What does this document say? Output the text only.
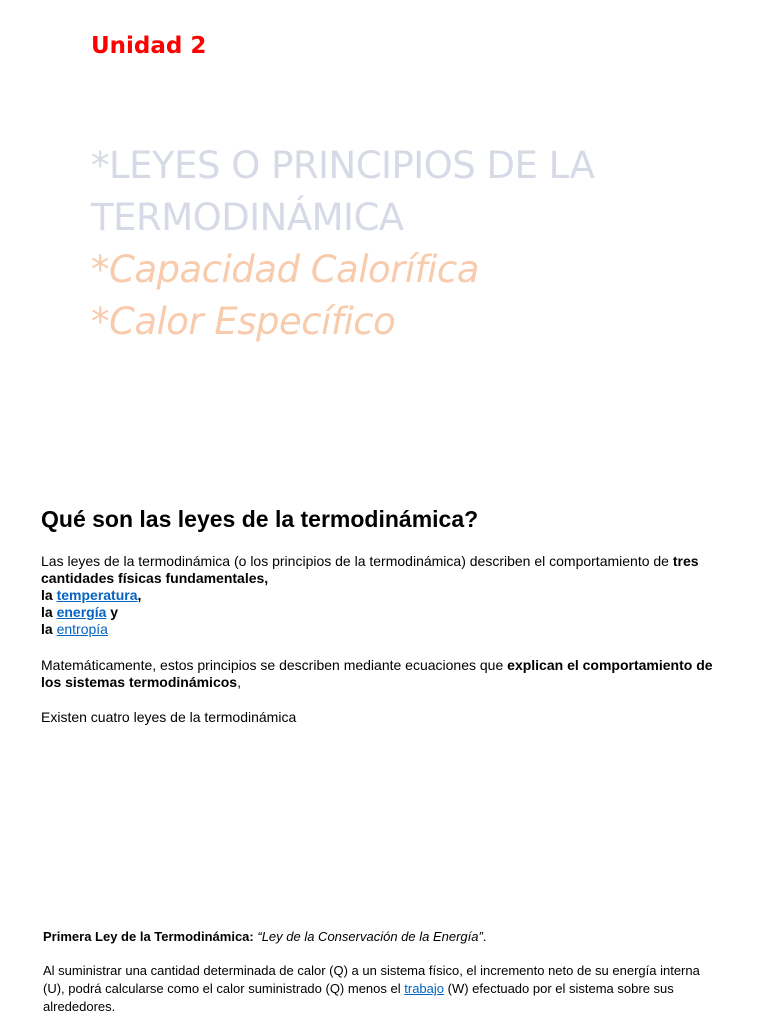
Unidad 2

*LEYES O PRINCIPIOS DE LA
TERMODINÁMICA
*Capacidad Calorífica
*Calor Específico
Qué son las leyes de la termodinámica?

Las leyes de la termodinámica (o los principios de la termodinámica) describen el comportamiento de tres cantidades físicas fundamentales,

la temperatura,

la energía y

la entropía

Matemáticamente, estos principios se describen mediante ecuaciones que explican el comportamiento de los sistemas termodinámicos,

Existen cuatro leyes de la termodinámica

Primera Ley de la Termodinámica: “Ley de la Conservación de la Energía”.

Al suministrar una cantidad determinada de calor (Q) a un sistema físico, el incremento neto de su energía interna (U), podrá calcularse como el calor suministrado (Q) menos el trabajo (W) efectuado por el sistema sobre sus alrededores.
